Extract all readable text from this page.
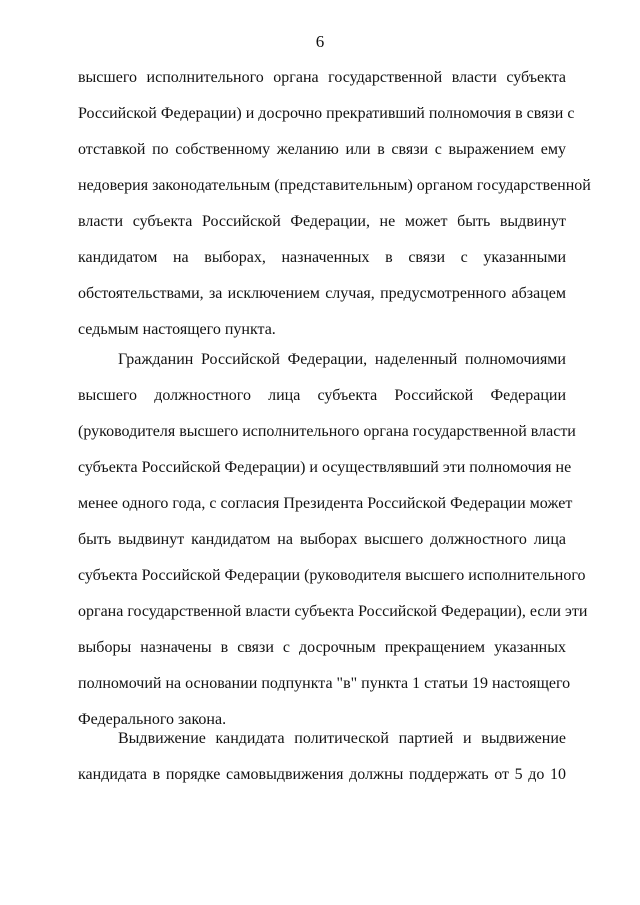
6
высшего исполнительного органа государственной власти субъекта
Российской Федерации) и досрочно прекративший полномочия в связи с
отставкой по собственному желанию или в связи с выражением ему
недоверия законодательным (представительным) органом государственной
власти субъекта Российской Федерации, не может быть выдвинут
кандидатом на выборах, назначенных в связи с указанными
обстоятельствами, за исключением случая, предусмотренного абзацем
седьмым настоящего пункта.
Гражданин Российской Федерации, наделенный полномочиями
высшего должностного лица субъекта Российской Федерации
(руководителя высшего исполнительного органа государственной власти
субъекта Российской Федерации) и осуществлявший эти полномочия не
менее одного года, с согласия Президента Российской Федерации может
быть выдвинут кандидатом на выборах высшего должностного лица
субъекта Российской Федерации (руководителя высшего исполнительного
органа государственной власти субъекта Российской Федерации), если эти
выборы назначены в связи с досрочным прекращением указанных
полномочий на основании подпункта "в" пункта 1 статьи 19 настоящего
Федерального закона.
Выдвижение кандидата политической партией и выдвижение
кандидата в порядке самовыдвижения должны поддержать от 5 до 10
